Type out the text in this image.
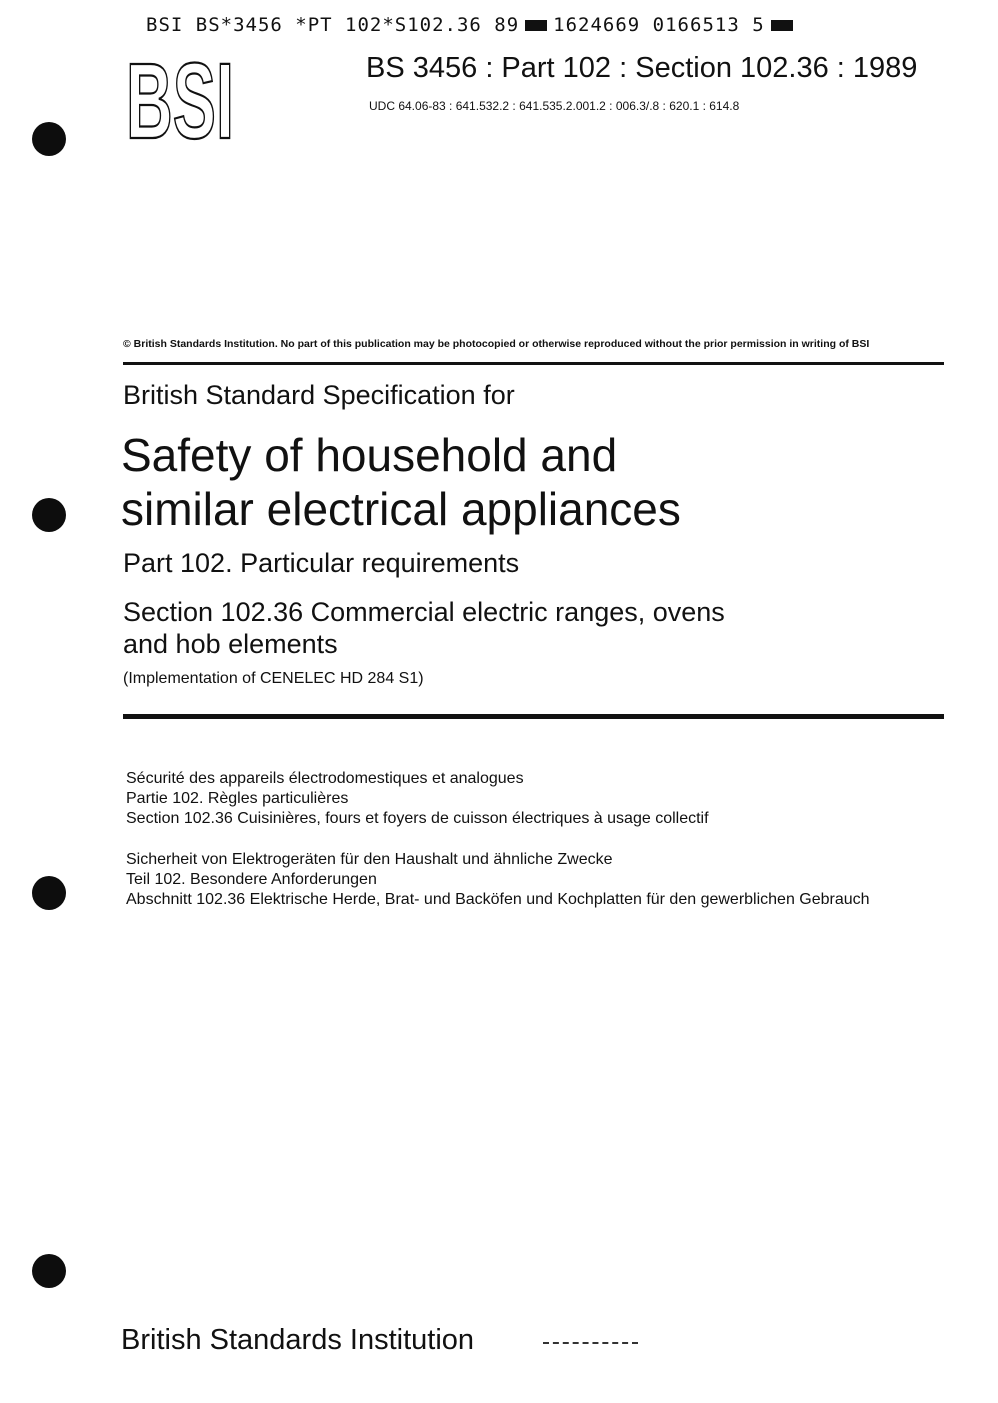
BSI BS*3456 *PT 102*S102.36 89 1624669 0166513 5
BSI	BS 3456 : Part 102 : Section 102.36 : 1989
UDC 64.06-83 : 641.532.2 : 641.535.2.001.2 : 006.3/.8 : 620.1 : 614.8
© British Standards Institution. No part of this publication may be photocopied or otherwise reproduced without the prior permission in writing of BSI
British Standard Specification for
Safety of household and
similar electrical appliances
Part 102. Particular requirements
Section 102.36 Commercial electric ranges, ovens
and hob elements
(Implementation of CENELEC HD 284 S1)
Sécurité des appareils électrodomestiques et analogues
Partie 102. Règles particulières
Section 102.36 Cuisinières, fours et foyers de cuisson électriques à usage collectif
Sicherheit von Elektrogeräten für den Haushalt und ähnliche Zwecke
Teil 102. Besondere Anforderungen
Abschnitt 102.36 Elektrische Herde, Brat- und Backöfen und Kochplatten für den gewerblichen Gebrauch
British Standards Institution
